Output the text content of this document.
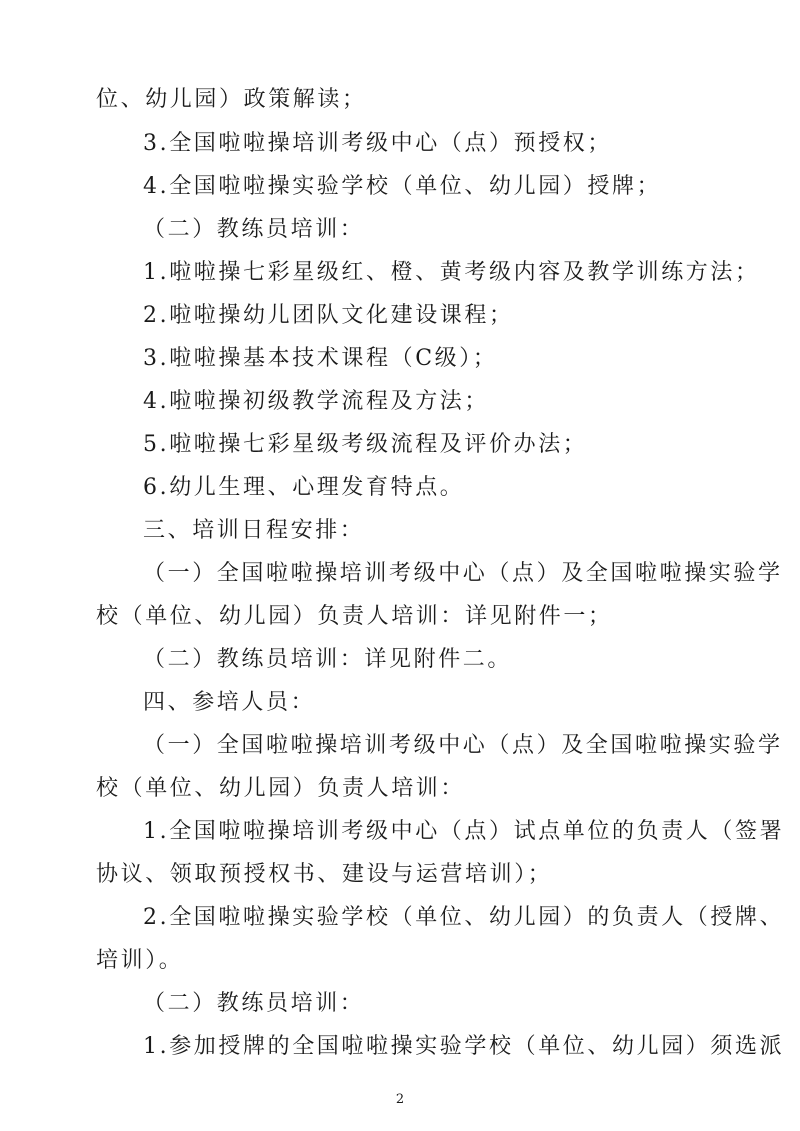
位、幼儿园）政策解读；
3.全国啦啦操培训考级中心（点）预授权；
4.全国啦啦操实验学校（单位、幼儿园）授牌；
（二）教练员培训：
1.啦啦操七彩星级红、橙、黄考级内容及教学训练方法；
2.啦啦操幼儿团队文化建设课程；
3.啦啦操基本技术课程（C级）；
4.啦啦操初级教学流程及方法；
5.啦啦操七彩星级考级流程及评价办法；
6.幼儿生理、心理发育特点。
三、培训日程安排：
（一）全国啦啦操培训考级中心（点）及全国啦啦操实验学
校（单位、幼儿园）负责人培训：详见附件一；
（二）教练员培训：详见附件二。
四、参培人员：
（一）全国啦啦操培训考级中心（点）及全国啦啦操实验学
校（单位、幼儿园）负责人培训：
1.全国啦啦操培训考级中心（点）试点单位的负责人（签署
协议、领取预授权书、建设与运营培训）；
2.全国啦啦操实验学校（单位、幼儿园）的负责人（授牌、
培训）。
（二）教练员培训：
1.参加授牌的全国啦啦操实验学校（单位、幼儿园）须选派
2
